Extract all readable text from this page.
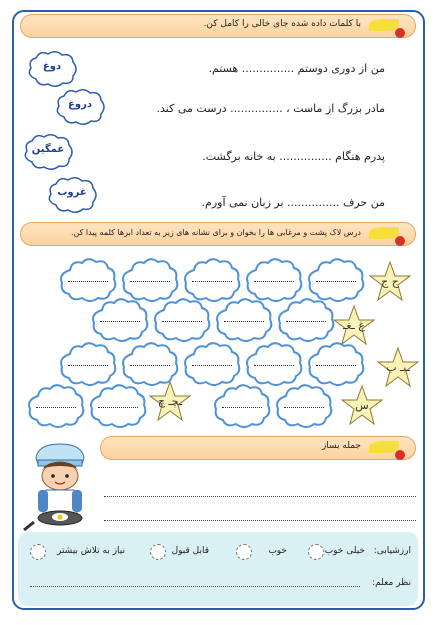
با کلمات داده شده جای خالی را کامل کن.
دوغ
دروغ
غمگین
غروب
من از دوری دوستم ............... هستم.
مادر بزرگ از ماست ، ............... درست می کند.
پدرم هنگام ............... به خانه برگشت.
من حرف ............... بر زبان نمی آورم.
درس لاک پشت و مرغابی ها را بخوان و برای نشانه های زیر به تعداد ابرها کلمه پیدا کن.
ج ج
غ ـغـ
ـبـ ب
ـچـ چ	س
جمله بساز
ارزشیابی:
خیلی خوب
خوب
قابل قبول
نیاز به تلاش بیشتر
نظر معلم:
